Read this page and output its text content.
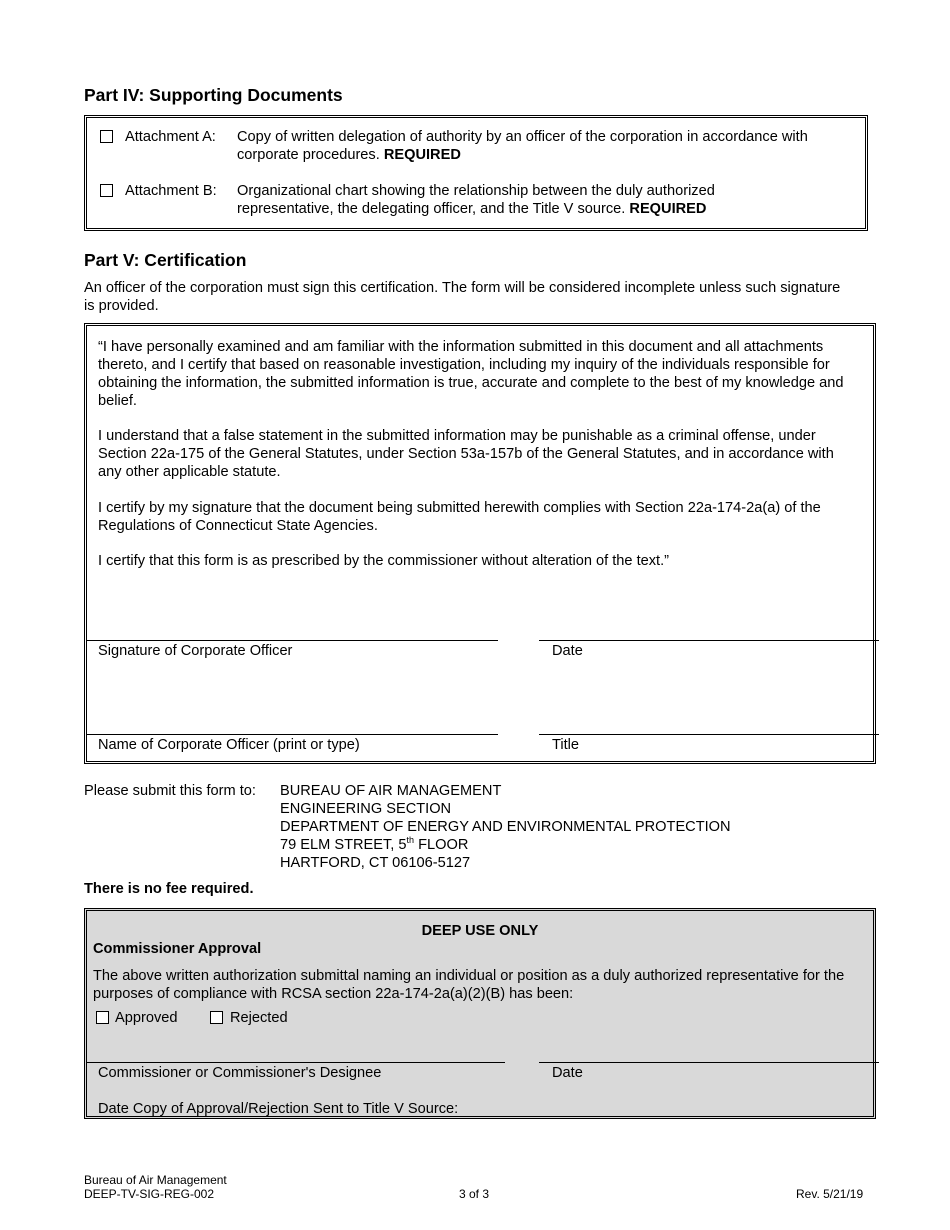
Part IV: Supporting Documents
Attachment A: Copy of written delegation of authority by an officer of the corporation in accordance with corporate procedures. REQUIRED
Attachment B: Organizational chart showing the relationship between the duly authorized representative, the delegating officer, and the Title V source. REQUIRED
Part V: Certification
An officer of the corporation must sign this certification. The form will be considered incomplete unless such signature is provided.
“I have personally examined and am familiar with the information submitted in this document and all attachments thereto, and I certify that based on reasonable investigation, including my inquiry of the individuals responsible for obtaining the information, the submitted information is true, accurate and complete to the best of my knowledge and belief.
I understand that a false statement in the submitted information may be punishable as a criminal offense, under Section 22a-175 of the General Statutes, under Section 53a-157b of the General Statutes, and in accordance with any other applicable statute.
I certify by my signature that the document being submitted herewith complies with Section 22a-174-2a(a) of the Regulations of Connecticut State Agencies.
I certify that this form is as prescribed by the commissioner without alteration of the text.”
Signature of Corporate Officer	Date
Name of Corporate Officer (print or type)	Title
Please submit this form to: BUREAU OF AIR MANAGEMENT
ENGINEERING SECTION
DEPARTMENT OF ENERGY AND ENVIRONMENTAL PROTECTION
79 ELM STREET, 5th FLOOR
HARTFORD, CT 06106-5127
There is no fee required.
DEEP USE ONLY
Commissioner Approval
The above written authorization submittal naming an individual or position as a duly authorized representative for the purposes of compliance with RCSA section 22a-174-2a(a)(2)(B) has been:
Approved	Rejected
Commissioner or Commissioner's Designee	Date
Date Copy of Approval/Rejection Sent to Title V Source:
Bureau of Air Management
DEEP-TV-SIG-REG-002	3 of 3	Rev. 5/21/19
